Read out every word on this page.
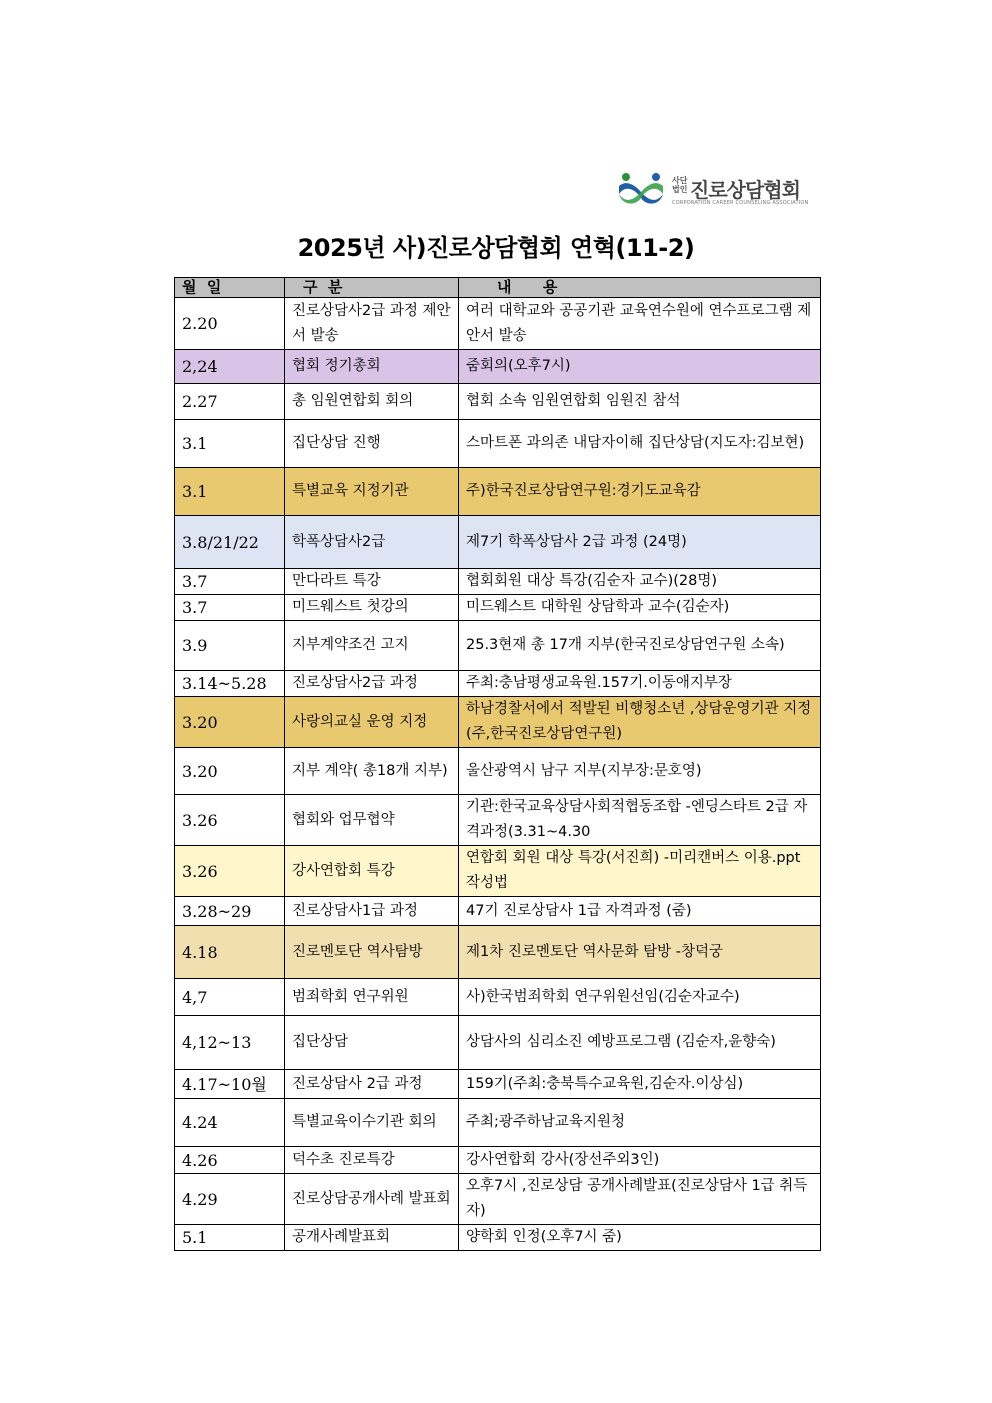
사단
법인 진로상담협회
CORPORATION CAREER COUNSELING ASSOCIATION
2025년 사)진로상담협회 연혁(11-2)
월  일	구  분	내      용
2.20	진로상담사2급 과정 제안서 발송	여러 대학교와 공공기관 교육연수원에 연수프로그램 제안서 발송
2,24	협회 정기총회	줌회의(오후7시)
2.27	총 임원연합회 회의	협회 소속 임원연합회 임원진 참석
3.1	집단상담 진행	스마트폰 과의존 내담자이해 집단상담(지도자:김보현)
3.1	특별교육 지정기관	주)한국진로상담연구원:경기도교육감
3.8/21/22	학폭상담사2급	제7기 학폭상담사 2급 과정 (24명)
3.7	만다라트 특강	협회회원 대상 특강(김순자 교수)(28명)
3.7	미드웨스트 첫강의	미드웨스트 대학원 상담학과 교수(김순자)
3.9	지부계약조건 고지	25.3현재 총 17개 지부(한국진로상담연구원 소속)
3.14~5.28	진로상담사2급 과정	주최:충남평생교육원.157기.이동애지부장
3.20	사랑의교실 운영 지정	하남경찰서에서 적발된 비행청소년 ,상담운영기관 지정(주,한국진로상담연구원)
3.20	지부 계약( 총18개 지부)	울산광역시 남구 지부(지부장:문호영)
3.26	협회와 업무협약	기관:한국교육상담사회적협동조합 -엔딩스타트 2급 자격과정(3.31~4.30
3.26	강사연합회 특강	연합회 회원 대상 특강(서진희) -미리캔버스 이용.ppt 작성법
3.28~29	진로상담사1급 과정	47기 진로상담사 1급 자격과정 (줌)
4.18	진로멘토단 역사탐방	제1차 진로멘토단 역사문화 탐방 -창덕궁
4,7	범죄학회 연구위원	사)한국범죄학회 연구위원선임(김순자교수)
4,12~13	집단상담	상담사의 심리소진 예방프로그램 (김순자,윤향숙)
4.17~10월	진로상담사 2급 과정	159기(주최:충북특수교육원,김순자.이상심)
4.24	특별교육이수기관 회의	주최;광주하남교육지원청
4.26	덕수초 진로특강	강사연합회 강사(장선주외3인)
4.29	진로상담공개사례 발표회	오후7시 ,진로상담 공개사례발표(진로상담사 1급 취득자)
5.1	공개사례발표회	양학회 인정(오후7시 줌)
